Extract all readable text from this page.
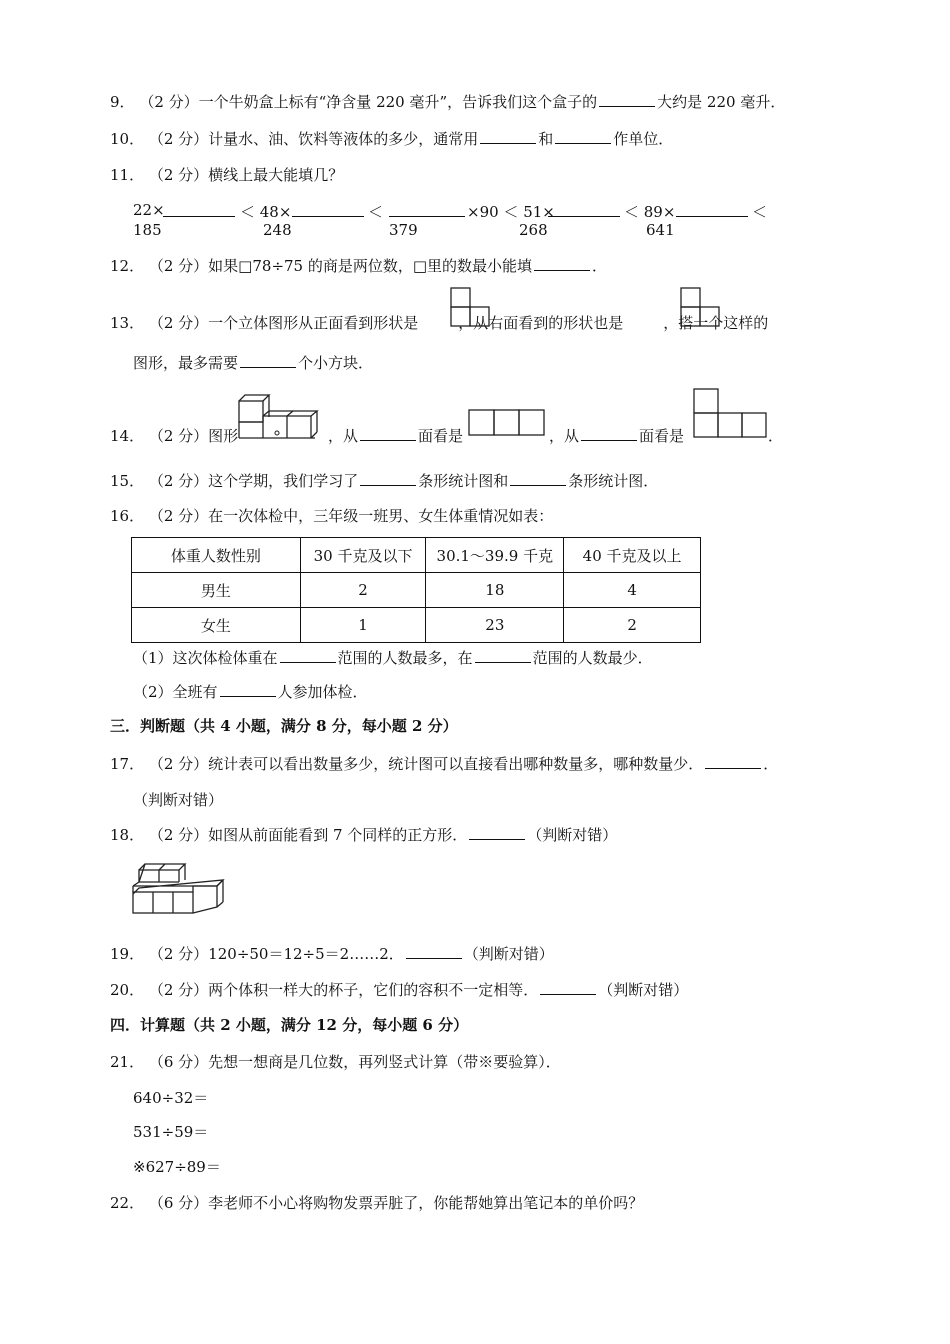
9． （2 分）一个牛奶盒上标有“净含量 220 毫升”，告诉我们这个盒子的	大约是 220 毫升．
10． （2 分）计量水、油、饮料等液体的多少，通常用	和	作单位．
11． （2 分）横线上最大能填几？
22×	＜ 48×	＜	×90 ＜ 51×	＜ 89×	＜
185	248	379	268	641
12． （2 分）如果□78÷75 的商是两位数，□里的数最小能填	．
13． （2 分）一个立体图形从正面看到形状是	，从右面看到的形状也是	，搭一个这样的
图形，最多需要	个小方块．
14． （2 分）图形	，从	面看是	，从	面看是	．
15． （2 分）这个学期，我们学习了	条形统计图和	条形统计图．
16． （2 分）在一次体检中，三年级一班男、女生体重情况如表：
体重人数性别	30 千克及以下	30.1～39.9 千克	40 千克及以上
男生	2	18	4
女生	1	23	2
（1）这次体检体重在	范围的人数最多，在	范围的人数最少．
（2）全班有	人参加体检．
三．判断题（共 4 小题，满分 8 分，每小题 2 分）
17． （2 分）统计表可以看出数量多少，统计图可以直接看出哪种数量多，哪种数量少．	．
（判断对错）
18． （2 分）如图从前面能看到 7 个同样的正方形．	（判断对错）
19． （2 分）120÷50＝12÷5＝2……2．	（判断对错）
20． （2 分）两个体积一样大的杯子，它们的容积不一定相等．	（判断对错）
四．计算题（共 2 小题，满分 12 分，每小题 6 分）
21． （6 分）先想一想商是几位数，再列竖式计算（带※要验算）．
640÷32＝
531÷59＝
※627÷89＝
22． （6 分）李老师不小心将购物发票弄脏了，你能帮她算出笔记本的单价吗？
